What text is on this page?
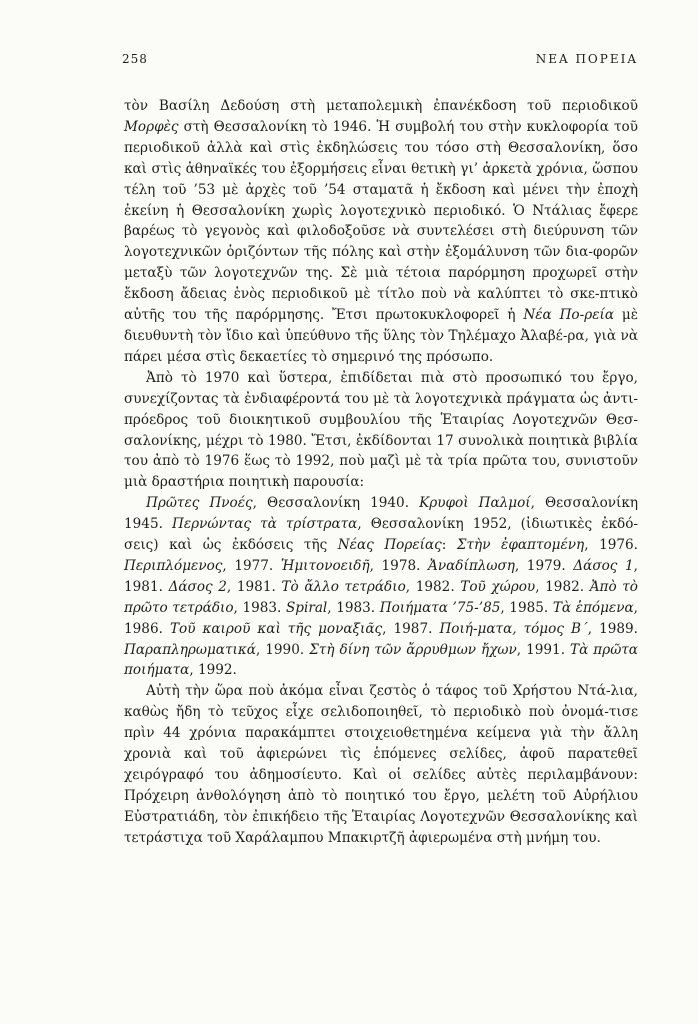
258	ΝΕΑ ΠΟΡΕΙΑ

τὸν Βασίλη Δεδούση στὴ μεταπολεμικὴ ἐπανέκδοση τοῦ περιοδικοῦ Μορφὲς στὴ Θεσσαλονίκη τὸ 1946. Ἡ συμβολή του στὴν κυκλοφορία τοῦ περιοδικοῦ ἀλλὰ καὶ στὶς ἐκδηλώσεις του τόσο στὴ Θεσσαλονίκη, ὅσο καὶ στὶς ἀθηναϊκές του ἐξορμήσεις εἶναι θετικὴ γι’ ἀρκετὰ χρόνια, ὥσπου τέλη τοῦ ’53 μὲ ἀρχὲς τοῦ ’54 σταματᾶ ἡ ἔκδοση καὶ μένει τὴν ἐποχὴ ἐκείνη ἡ Θεσσαλονίκη χωρὶς λογοτεχνικὸ περιοδικό. Ὁ Ντάλιας ἔφερε βαρέως τὸ γεγονὸς καὶ φιλοδοξοῦσε νὰ συντελέσει στὴ διεύρυνση τῶν λογοτεχνικῶν ὁριζόντων τῆς πόλης καὶ στὴν ἐξομάλυνση τῶν δια-φορῶν μεταξὺ τῶν λογοτεχνῶν της. Σὲ μιὰ τέτοια παρόρμηση προχωρεῖ στὴν ἔκδοση ἄδειας ἑνὸς περιοδικοῦ μὲ τίτλο ποὺ νὰ καλύπτει τὸ σκε-πτικὸ αὐτῆς του τῆς παρόρμησης. Ἔτσι πρωτοκυκλοφορεῖ ἡ Νέα Πο-ρεία μὲ διευθυντὴ τὸν ἴδιο καὶ ὑπεύθυνο τῆς ὕλης τὸν Τηλέμαχο Ἀλαβέ-ρα, γιὰ νὰ πάρει μέσα στὶς δεκαετίες τὸ σημερινό της πρόσωπο.

Ἀπὸ τὸ 1970 καὶ ὕστερα, ἐπιδίδεται πιὰ στὸ προσωπικό του ἔργο, συνεχίζοντας τὰ ἐνδιαφέροντά του μὲ τὰ λογοτεχνικὰ πράγματα ὡς ἀντι-πρόεδρος τοῦ διοικητικοῦ συμβουλίου τῆς Ἑταιρίας Λογοτεχνῶν Θεσ-σαλονίκης, μέχρι τὸ 1980. Ἔτσι, ἐκδίδονται 17 συνολικὰ ποιητικὰ βιβλία του ἀπὸ τὸ 1976 ἕως τὸ 1992, ποὺ μαζὶ μὲ τὰ τρία πρῶτα του, συνιστοῦν μιὰ δραστήρια ποιητικὴ παρουσία:

Πρῶτες Πνοές, Θεσσαλονίκη 1940. Κρυφοὶ Παλμοί, Θεσσαλονίκη 1945. Περνώντας τὰ τρίστρατα, Θεσσαλονίκη 1952, (ἰδιωτικὲς ἐκδό-σεις) καὶ ὡς ἐκδόσεις τῆς Νέας Πορείας: Στὴν ἐφαπτομένη, 1976. Περιπλόμενος, 1977. Ἡμιτονοειδῆ, 1978. Ἀναδίπλωση, 1979. Δάσος 1, 1981. Δάσος 2, 1981. Τὸ ἄλλο τετράδιο, 1982. Τοῦ χώρου, 1982. Ἀπὸ τὸ πρῶτο τετράδιο, 1983. Spiral, 1983. Ποιήματα ’75-’85, 1985. Τὰ ἑπόμενα, 1986. Τοῦ καιροῦ καὶ τῆς μοναξιᾶς, 1987. Ποιή-ματα, τόμος Β΄, 1989. Παραπληρωματικά, 1990. Στὴ δίνη τῶν ἄρρυθμων ἤχων, 1991. Τὰ πρῶτα ποιήματα, 1992.

Αὐτὴ τὴν ὥρα ποὺ ἀκόμα εἶναι ζεστὸς ὁ τάφος τοῦ Χρήστου Ντά-λια, καθὼς ἤδη τὸ τεῦχος εἶχε σελιδοποιηθεῖ, τὸ περιοδικὸ ποὺ ὀνομά-τισε πρὶν 44 χρόνια παρακάμπτει στοιχειοθετημένα κείμενα γιὰ τὴν ἄλλη χρονιὰ καὶ τοῦ ἀφιερώνει τὶς ἑπόμενες σελίδες, ἀφοῦ παρατεθεῖ χειρόγραφό του ἀδημοσίευτο. Καὶ οἱ σελίδες αὐτὲς περιλαμβάνουν: Πρόχειρη ἀνθολόγηση ἀπὸ τὸ ποιητικό του ἔργο, μελέτη τοῦ Αὐρήλιου Εὐστρατιάδη, τὸν ἐπικήδειο τῆς Ἑταιρίας Λογοτεχνῶν Θεσσαλονίκης καὶ τετράστιχα τοῦ Χαράλαμπου Μπακιρτζῆ ἀφιερωμένα στὴ μνήμη του.
